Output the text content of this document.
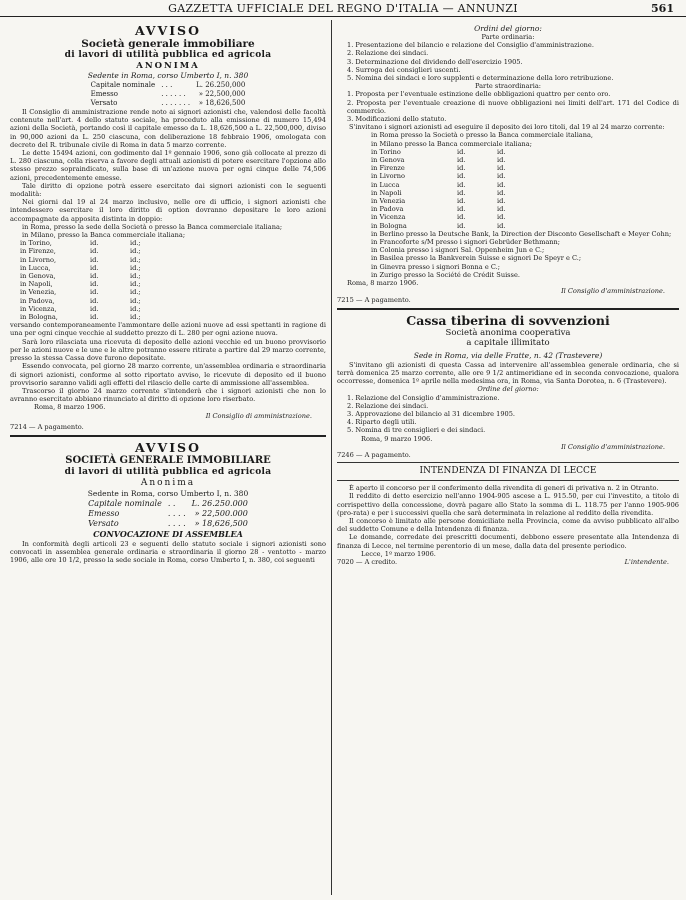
GAZZETTA UFFICIALE DEL REGNO D'ITALIA — ANNUNZI	561
AVVISO
Società generale immobiliare
di lavori di utilità pubblica ed agricola
ANONIMA
Sedente in Roma, corso Umberto I, n. 380
Capitale nominale	. . .	L. 26.250,000
Emesso	. . . . . .	» 22,500,000
Versato	. . . . . . .	» 18,626,500

Il Consiglio di amministrazione rende noto ai signori azionisti che, valendosi delle facoltà contenute nell'art. 4 dello statuto sociale, ha proceduto alla emissione di numero 15,494 azioni della Società, portando così il capitale emesso da L. 18,626,500 a L. 22,500,000, diviso in 90,000 azioni da L. 250 ciascuna, con deliberazione 18 febbraio 1906, omologata con decreto del R. tribunale civile di Roma in data 5 marzo corrente.

Le dette 15494 azioni, con godimento dal 1º gennaio 1906, sono già collocate al prezzo di L. 280 ciascuna, colla riserva a favore degli attuali azionisti di potere esercitare l'opzione allo stesso prezzo sopraindicato, sulla base di un'azione nuova per ogni cinque delle 74,506 azioni, precedentemente emesse.

Tale diritto di opzione potrà essere esercitato dai signori azionisti con le seguenti modalità:

Nei giorni dal 19 al 24 marzo inclusivo, nelle ore di ufficio, i signori azionisti che intendessero esercitare il loro diritto di option dovranno depositare le loro azioni accompagnate da apposita distinta in doppio:

in Roma, presso la sede della Società o presso la Banca commerciale italiana;

in Milano, presso la Banca commerciale italiana;

in Torino,	id.	id.;
in Firenze,	id.	id.;
in Livorno,	id.	id.;
in Lucca,	id.	id.;
in Genova,	id.	id.;
in Napoli,	id.	id.;
in Venezia,	id.	id.;
in Padova,	id.	id.;
in Vicenza,	id.	id.;
in Bologna,	id.	id.;

versando contemporaneamente l'ammontare delle azioni nuove ad essi spettanti in ragione di una per ogni cinque vecchie al suddetto prezzo di L. 280 per ogni azione nuova.

Sarà loro rilasciata una ricevuta di deposito delle azioni vecchie ed un buono provvisorio per le azioni nuove e le une e le altre potranno essere ritirate a partire dal 29 marzo corrente, presso la stessa Cassa dove furono depositate.

Essendo convocata, pel giorno 28 marzo corrente, un'assemblea ordinaria e straordinaria di signori azionisti, conforme al sotto riportato avviso, le ricevute di deposito ed il buono provvisorio saranno validi agli effetti del rilascio delle carte di ammissione all'assemblea.

Trascorso il giorno 24 marzo corrente s'intenderà che i signori azionisti che non lo avranno esercitato abbiano rinunciato al diritto di opzione loro riserbato.

Roma, 8 marzo 1906.
Il Consiglio di amministrazione.
7214 — A pagamento.
AVVISO
SOCIETÀ GENERALE IMMOBILIARE
di lavori di utilità pubblica ed agricola
Anonima
Sedente in Roma, corso Umberto I, n. 380
Capitale nominale	. .	L. 26.250.000
Emesso	. . . .	» 22,500.000
Versato	. . . .	» 18,626,500
CONVOCAZIONE DI ASSEMBLEA

In conformità degli articoli 23 e seguenti dello statuto sociale i signori azionisti sono convocati in assemblea generale ordinaria e straordinaria il giorno 28 - ventotto - marzo 1906, alle ore 10 1/2, presso la sede sociale in Roma, corso Umberto I, n. 380, coi seguenti

Ordini del giorno:
Parte ordinaria:
1. Presentazione del bilancio e relazione del Consiglio d'amministrazione.
2. Relazione dei sindaci.
3. Determinazione del dividendo dell'esercizio 1905.
4. Surroga dei consiglieri uscenti.
5. Nomina dei sindaci e loro supplenti e determinazione della loro retribuzione.
Parte straordinaria:
1. Proposta per l'eventuale estinzione delle obbligazioni quattro per cento oro.
2. Proposta per l'eventuale creazione di nuove obbligazioni nei limiti dell'art. 171 del Codice di commercio.
3. Modificazioni dello statuto.

S'invitano i signori azionisti ad eseguire il deposito dei loro titoli, dal 19 al 24 marzo corrente:

in Roma presso la Società o presso la Banca commerciale italiana,
in Milano presso la Banca commerciale italiana;
in Torino	id.	id.
in Genova	id.	id.
in Firenze	id.	id.
in Livorno	id.	id.
in Lucca	id.	id.
in Napoli	id.	id.
in Venezia	id.	id.
in Padova	id.	id.
in Vicenza	id.	id.
in Bologna	id.	id.
in Berlino presso la Deutsche Bank, la Direction der Disconto Gesellschaft e Meyer Cohn;
in Francoforte s/M presso i signori Gebrüder Bethmann;
in Colonia presso i signori Sal. Oppenheim Jun e C.;
in Basilea presso la Bankverein Suisse e signori De Speyr e C.;
in Ginevra presso i signori Bonna e C.;
in Zurigo presso la Société de Crédit Suisse.
Roma, 8 marzo 1906.
Il Consiglio d'amministrazione.
7215 — A pagamento.
Cassa tiberina di sovvenzioni
Società anonima cooperativa
a capitale illimitato
Sede in Roma, via delle Fratte, n. 42 (Trastevere)

S'invitano gli azionisti di questa Cassa ad intervenire all'assemblea generale ordinaria, che si terrà domenica 25 marzo corrente, alle ore 9 1/2 antimeridiane ed in seconda convocazione, qualora occorresse, domenica 1º aprile nella medesima ora, in Roma, via Santa Dorotea, n. 6 (Trastevere).

Ordine del giorno:
1. Relazione del Consiglio d'amministrazione.
2. Relazione dei sindaci.
3. Approvazione del bilancio al 31 dicembre 1905.
4. Riparto degli utili.
5. Nomina di tre consiglieri e dei sindaci.
Roma, 9 marzo 1906.
Il Consiglio d'amministrazione.
7246 — A pagamento.
INTENDENZA DI FINANZA DI LECCE

È aperto il concorso per il conferimento della rivendita di generi di privativa n. 2 in Otranto.

Il reddito di detto esercizio nell'anno 1904-905 ascese a L. 915.50, per cui l'investito, a titolo di corrispettivo della concessione, dovrà pagare allo Stato la somma di L. 118.75 per l'anno 1905-906 (pro-rata) e per i successivi quella che sarà determinata in relazione al reddito della rivendita.

Il concorso è limitato alle persone domiciliate nella Provincia, come da avviso pubblicato all'albo del suddetto Comune e della Intendenza di finanza.

Le domande, corredate dei prescritti documenti, debbono essere presentate alla Intendenza di finanza di Lecce, nel termine perentorio di un mese, dalla data del presente periodico.

Lecce, 1º marzo 1906.
7020 — A credito.	L'intendente.
